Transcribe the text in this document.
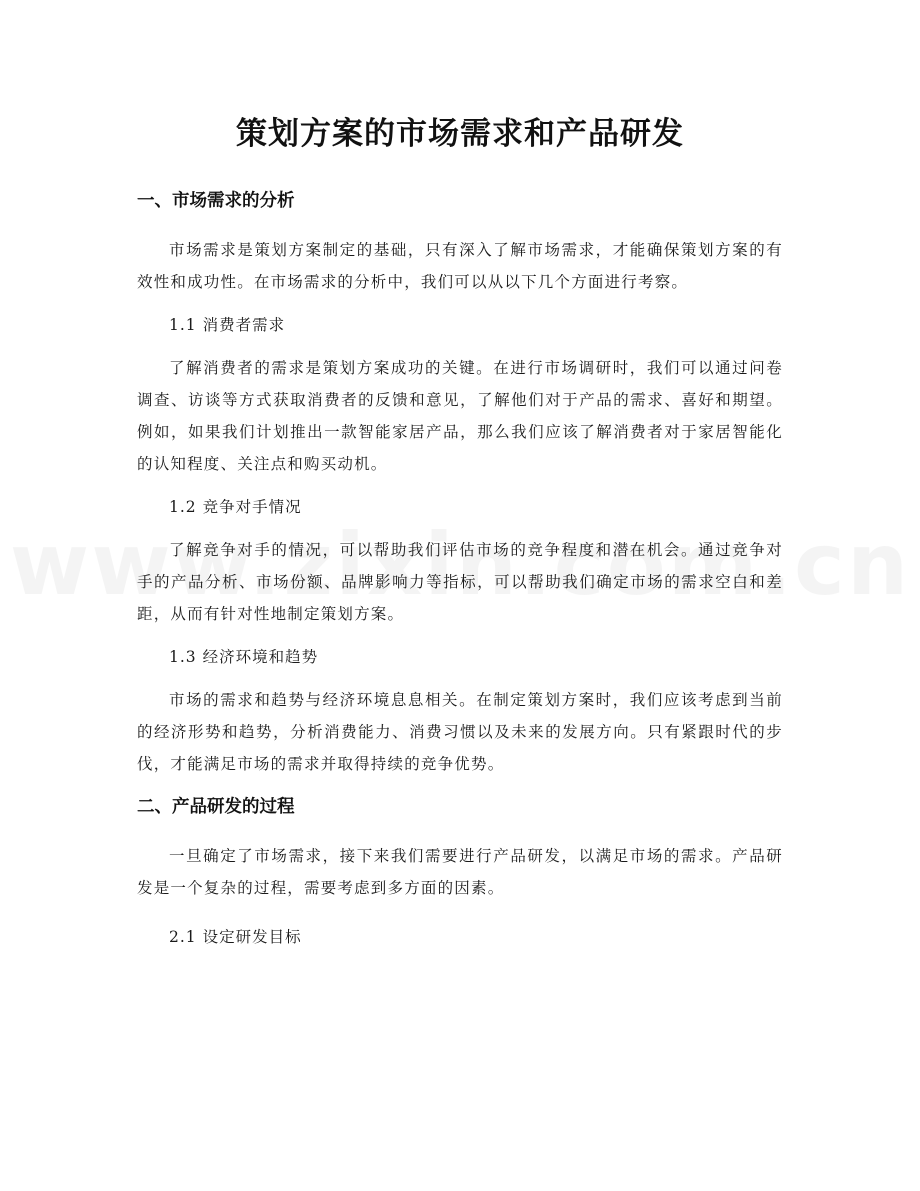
策划方案的市场需求和产品研发
一、市场需求的分析

市场需求是策划方案制定的基础，只有深入了解市场需求，才能确保策划方案的有效性和成功性。在市场需求的分析中，我们可以从以下几个方面进行考察。

1.1 消费者需求

了解消费者的需求是策划方案成功的关键。在进行市场调研时，我们可以通过问卷调查、访谈等方式获取消费者的反馈和意见，了解他们对于产品的需求、喜好和期望。例如，如果我们计划推出一款智能家居产品，那么我们应该了解消费者对于家居智能化的认知程度、关注点和购买动机。

1.2 竞争对手情况

了解竞争对手的情况，可以帮助我们评估市场的竞争程度和潜在机会。通过竞争对手的产品分析、市场份额、品牌影响力等指标，可以帮助我们确定市场的需求空白和差距，从而有针对性地制定策划方案。

1.3 经济环境和趋势

市场的需求和趋势与经济环境息息相关。在制定策划方案时，我们应该考虑到当前的经济形势和趋势，分析消费能力、消费习惯以及未来的发展方向。只有紧跟时代的步伐，才能满足市场的需求并取得持续的竞争优势。

二、产品研发的过程

一旦确定了市场需求，接下来我们需要进行产品研发，以满足市场的需求。产品研发是一个复杂的过程，需要考虑到多方面的因素。

2.1 设定研发目标
